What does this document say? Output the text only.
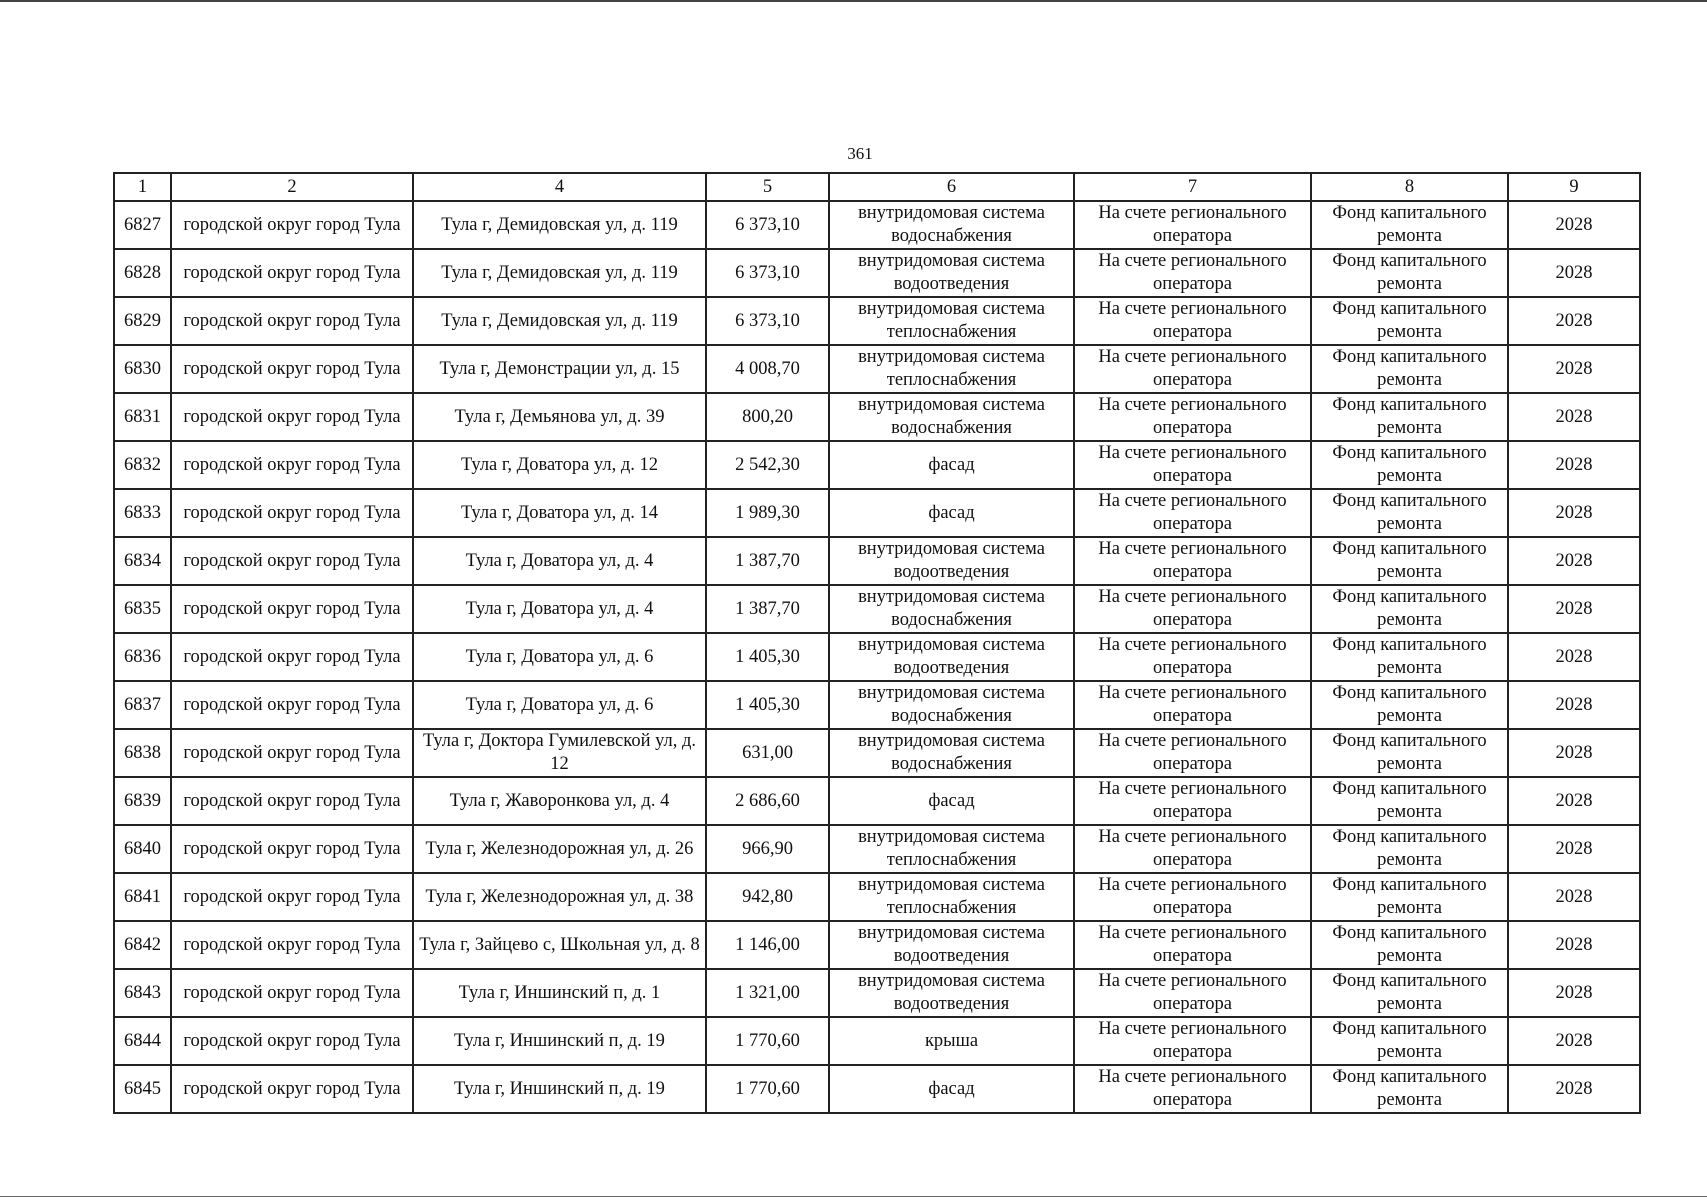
361
1	2	4	5	6	7	8	9
6827	городской округ город Тула	Тула г, Демидовская ул, д. 119	6 373,10	внутридомовая система водоснабжения	На счете регионального оператора	Фонд капитального ремонта	2028
6828	городской округ город Тула	Тула г, Демидовская ул, д. 119	6 373,10	внутридомовая система водоотведения	На счете регионального оператора	Фонд капитального ремонта	2028
6829	городской округ город Тула	Тула г, Демидовская ул, д. 119	6 373,10	внутридомовая система теплоснабжения	На счете регионального оператора	Фонд капитального ремонта	2028
6830	городской округ город Тула	Тула г, Демонстрации ул, д. 15	4 008,70	внутридомовая система теплоснабжения	На счете регионального оператора	Фонд капитального ремонта	2028
6831	городской округ город Тула	Тула г, Демьянова ул, д. 39	800,20	внутридомовая система водоснабжения	На счете регионального оператора	Фонд капитального ремонта	2028
6832	городской округ город Тула	Тула г, Доватора ул, д. 12	2 542,30	фасад	На счете регионального оператора	Фонд капитального ремонта	2028
6833	городской округ город Тула	Тула г, Доватора ул, д. 14	1 989,30	фасад	На счете регионального оператора	Фонд капитального ремонта	2028
6834	городской округ город Тула	Тула г, Доватора ул, д. 4	1 387,70	внутридомовая система водоотведения	На счете регионального оператора	Фонд капитального ремонта	2028
6835	городской округ город Тула	Тула г, Доватора ул, д. 4	1 387,70	внутридомовая система водоснабжения	На счете регионального оператора	Фонд капитального ремонта	2028
6836	городской округ город Тула	Тула г, Доватора ул, д. 6	1 405,30	внутридомовая система водоотведения	На счете регионального оператора	Фонд капитального ремонта	2028
6837	городской округ город Тула	Тула г, Доватора ул, д. 6	1 405,30	внутридомовая система водоснабжения	На счете регионального оператора	Фонд капитального ремонта	2028
6838	городской округ город Тула	Тула г, Доктора Гумилевской ул, д. 12	631,00	внутридомовая система водоснабжения	На счете регионального оператора	Фонд капитального ремонта	2028
6839	городской округ город Тула	Тула г, Жаворонкова ул, д. 4	2 686,60	фасад	На счете регионального оператора	Фонд капитального ремонта	2028
6840	городской округ город Тула	Тула г, Железнодорожная ул, д. 26	966,90	внутридомовая система теплоснабжения	На счете регионального оператора	Фонд капитального ремонта	2028
6841	городской округ город Тула	Тула г, Железнодорожная ул, д. 38	942,80	внутридомовая система теплоснабжения	На счете регионального оператора	Фонд капитального ремонта	2028
6842	городской округ город Тула	Тула г, Зайцево с, Школьная ул, д. 8	1 146,00	внутридомовая система водоотведения	На счете регионального оператора	Фонд капитального ремонта	2028
6843	городской округ город Тула	Тула г, Иншинский п, д. 1	1 321,00	внутридомовая система водоотведения	На счете регионального оператора	Фонд капитального ремонта	2028
6844	городской округ город Тула	Тула г, Иншинский п, д. 19	1 770,60	крыша	На счете регионального оператора	Фонд капитального ремонта	2028
6845	городской округ город Тула	Тула г, Иншинский п, д. 19	1 770,60	фасад	На счете регионального оператора	Фонд капитального ремонта	2028
